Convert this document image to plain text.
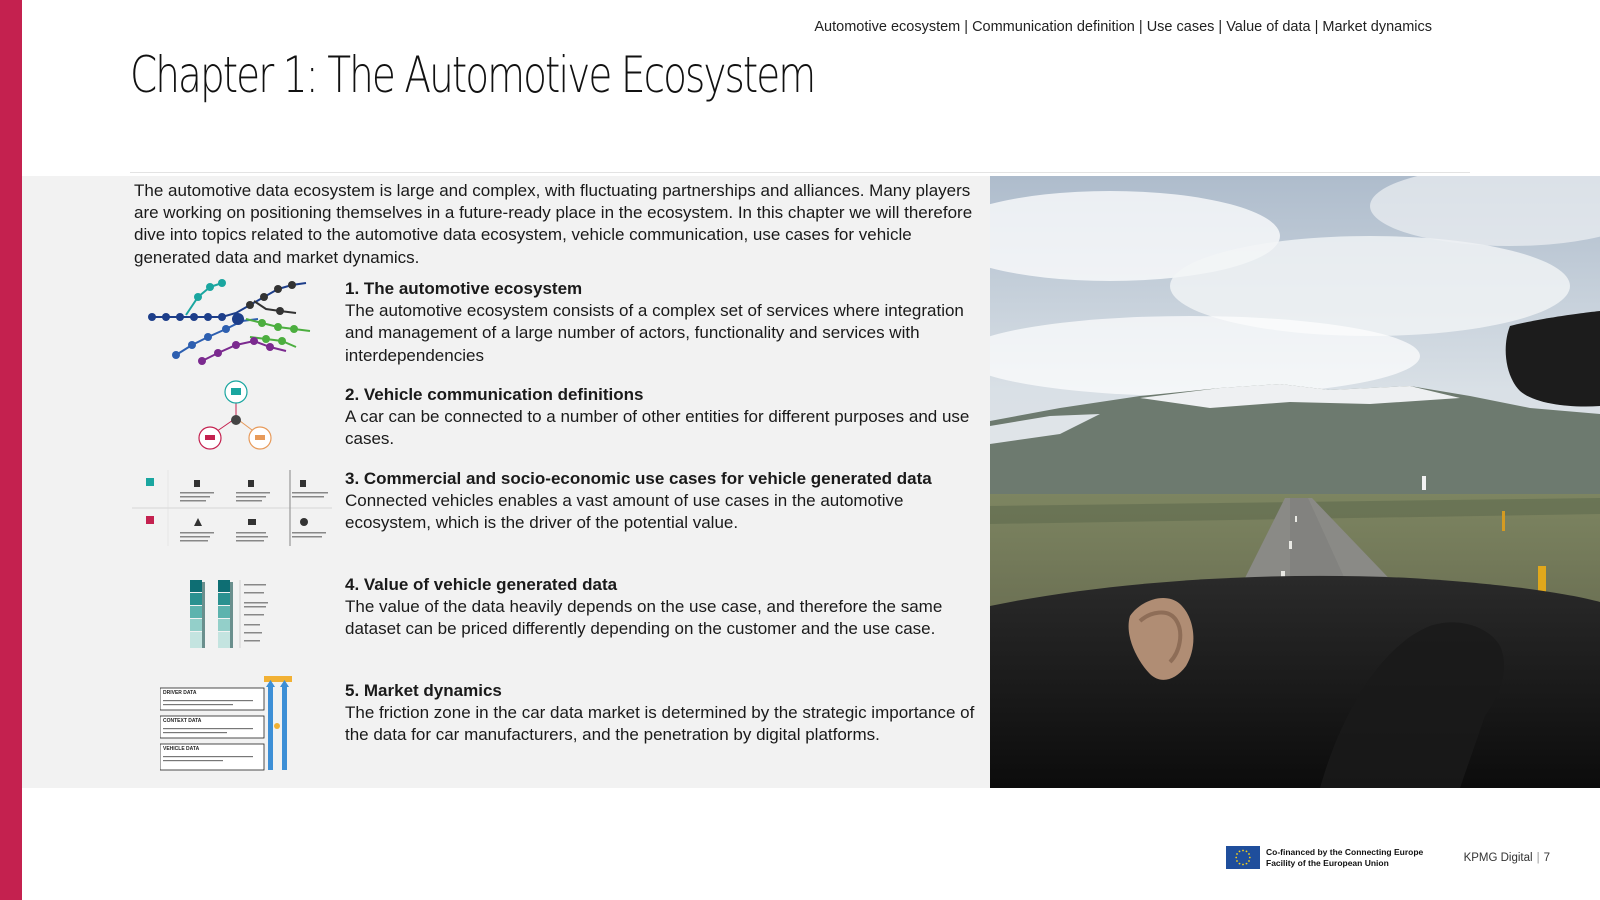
Automotive ecosystem | Communication definition | Use cases | Value of data | Market dynamics
Chapter 1: The Automotive Ecosystem
The automotive data ecosystem is large and complex, with fluctuating partnerships and alliances. Many players are working on positioning themselves in a future-ready place in the ecosystem. In this chapter we will therefore dive into topics related to the automotive data ecosystem, vehicle communication, use cases for vehicle generated data and market dynamics.
1. The automotive ecosystem
The automotive ecosystem consists of a complex set of services where integration and management of a large number of actors, functionality and services with interdependencies
2. Vehicle communication definitions
A car can be connected to a number of other entities for different purposes and use cases.
3. Commercial and socio-economic use cases for vehicle generated data
Connected vehicles enables a vast amount of use cases in the automotive ecosystem, which is the driver of the potential value.
4. Value of vehicle generated data
The value of the data heavily depends on the use case, and therefore the same dataset can be priced differently depending on the customer and the use case.
5. Market dynamics
The friction zone in the car data market is determined by the strategic importance of the data for car manufacturers, and the penetration by digital platforms.
DRIVER DATA
CONTEXT DATA
VEHICLE DATA
Co-financed by the Connecting Europe
Facility of the European Union	KPMG Digital | 7
